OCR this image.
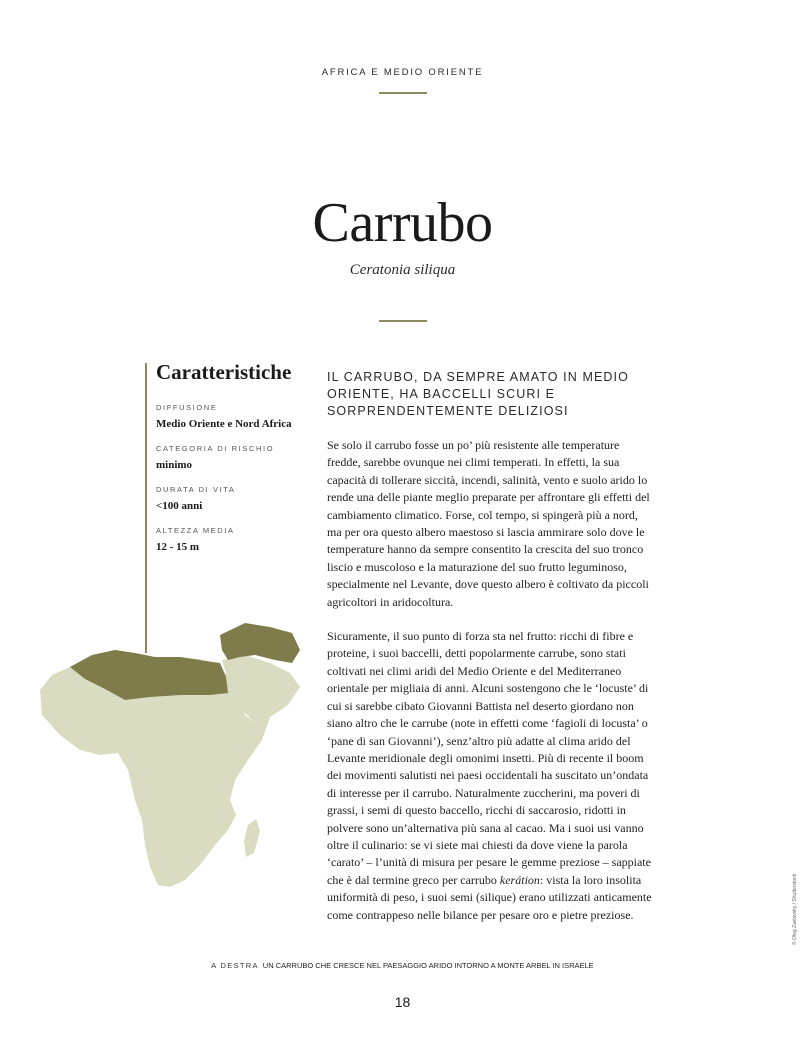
AFRICA E MEDIO ORIENTE
Carrubo
Ceratonia siliqua
Caratteristiche
DIFFUSIONE
Medio Oriente e Nord Africa
CATEGORIA DI RISCHIO
minimo
DURATA DI VITA
<100 anni
ALTEZZA MEDIA
12 - 15 m
IL CARRUBO, DA SEMPRE AMATO IN MEDIO ORIENTE, HA BACCELLI SCURI E SORPRENDENTEMENTE DELIZIOSI

Se solo il carrubo fosse un po’ più resistente alle temperature fredde, sarebbe ovunque nei climi temperati. In effetti, la sua capacità di tollerare siccità, incendi, salinità, vento e suolo arido lo rende una delle piante meglio preparate per affrontare gli effetti del cambiamento climatico. Forse, col tempo, si spingerà più a nord, ma per ora questo albero maestoso si lascia ammirare solo dove le temperature hanno da sempre consentito la crescita del suo tronco liscio e muscoloso e la maturazione del suo frutto leguminoso, specialmente nel Levante, dove questo albero è coltivato da piccoli agricoltori in aridocoltura.

Sicuramente, il suo punto di forza sta nel frutto: ricchi di fibre e proteine, i suoi baccelli, detti popolarmente carrube, sono stati coltivati nei climi aridi del Medio Oriente e del Mediterraneo orientale per migliaia di anni. Alcuni sostengono che le ‘locuste’ di cui si sarebbe cibato Giovanni Battista nel deserto giordano non siano altro che le carrube (note in effetti come ‘fagioli di locusta’ o ‘pane di san Giovanni’), senz’altro più adatte al clima arido del Levante meridionale degli omonimi insetti. Più di recente il boom dei movimenti salutisti nei paesi occidentali ha suscitato un’ondata di interesse per il carrubo. Naturalmente zuccherini, ma poveri di grassi, i semi di questo baccello, ricchi di saccarosio, ridotti in polvere sono un’alternativa più sana al cacao. Ma i suoi usi vanno oltre il culinario: se vi siete mai chiesti da dove viene la parola ‘carato’ – l’unità di misura per pesare le gemme preziose – sappiate che è dal termine greco per carrubo kerátion: vista la loro insolita uniformità di peso, i suoi semi (silique) erano utilizzati anticamente come contrappeso nelle bilance per pesare oro e pietre preziose.

A DESTRA UN CARRUBO CHE CRESCE NEL PAESAGGIO ARIDO INTORNO A MONTE ARBEL IN ISRAELE
18
© Oleg Zaslavsky / Shutterstock
